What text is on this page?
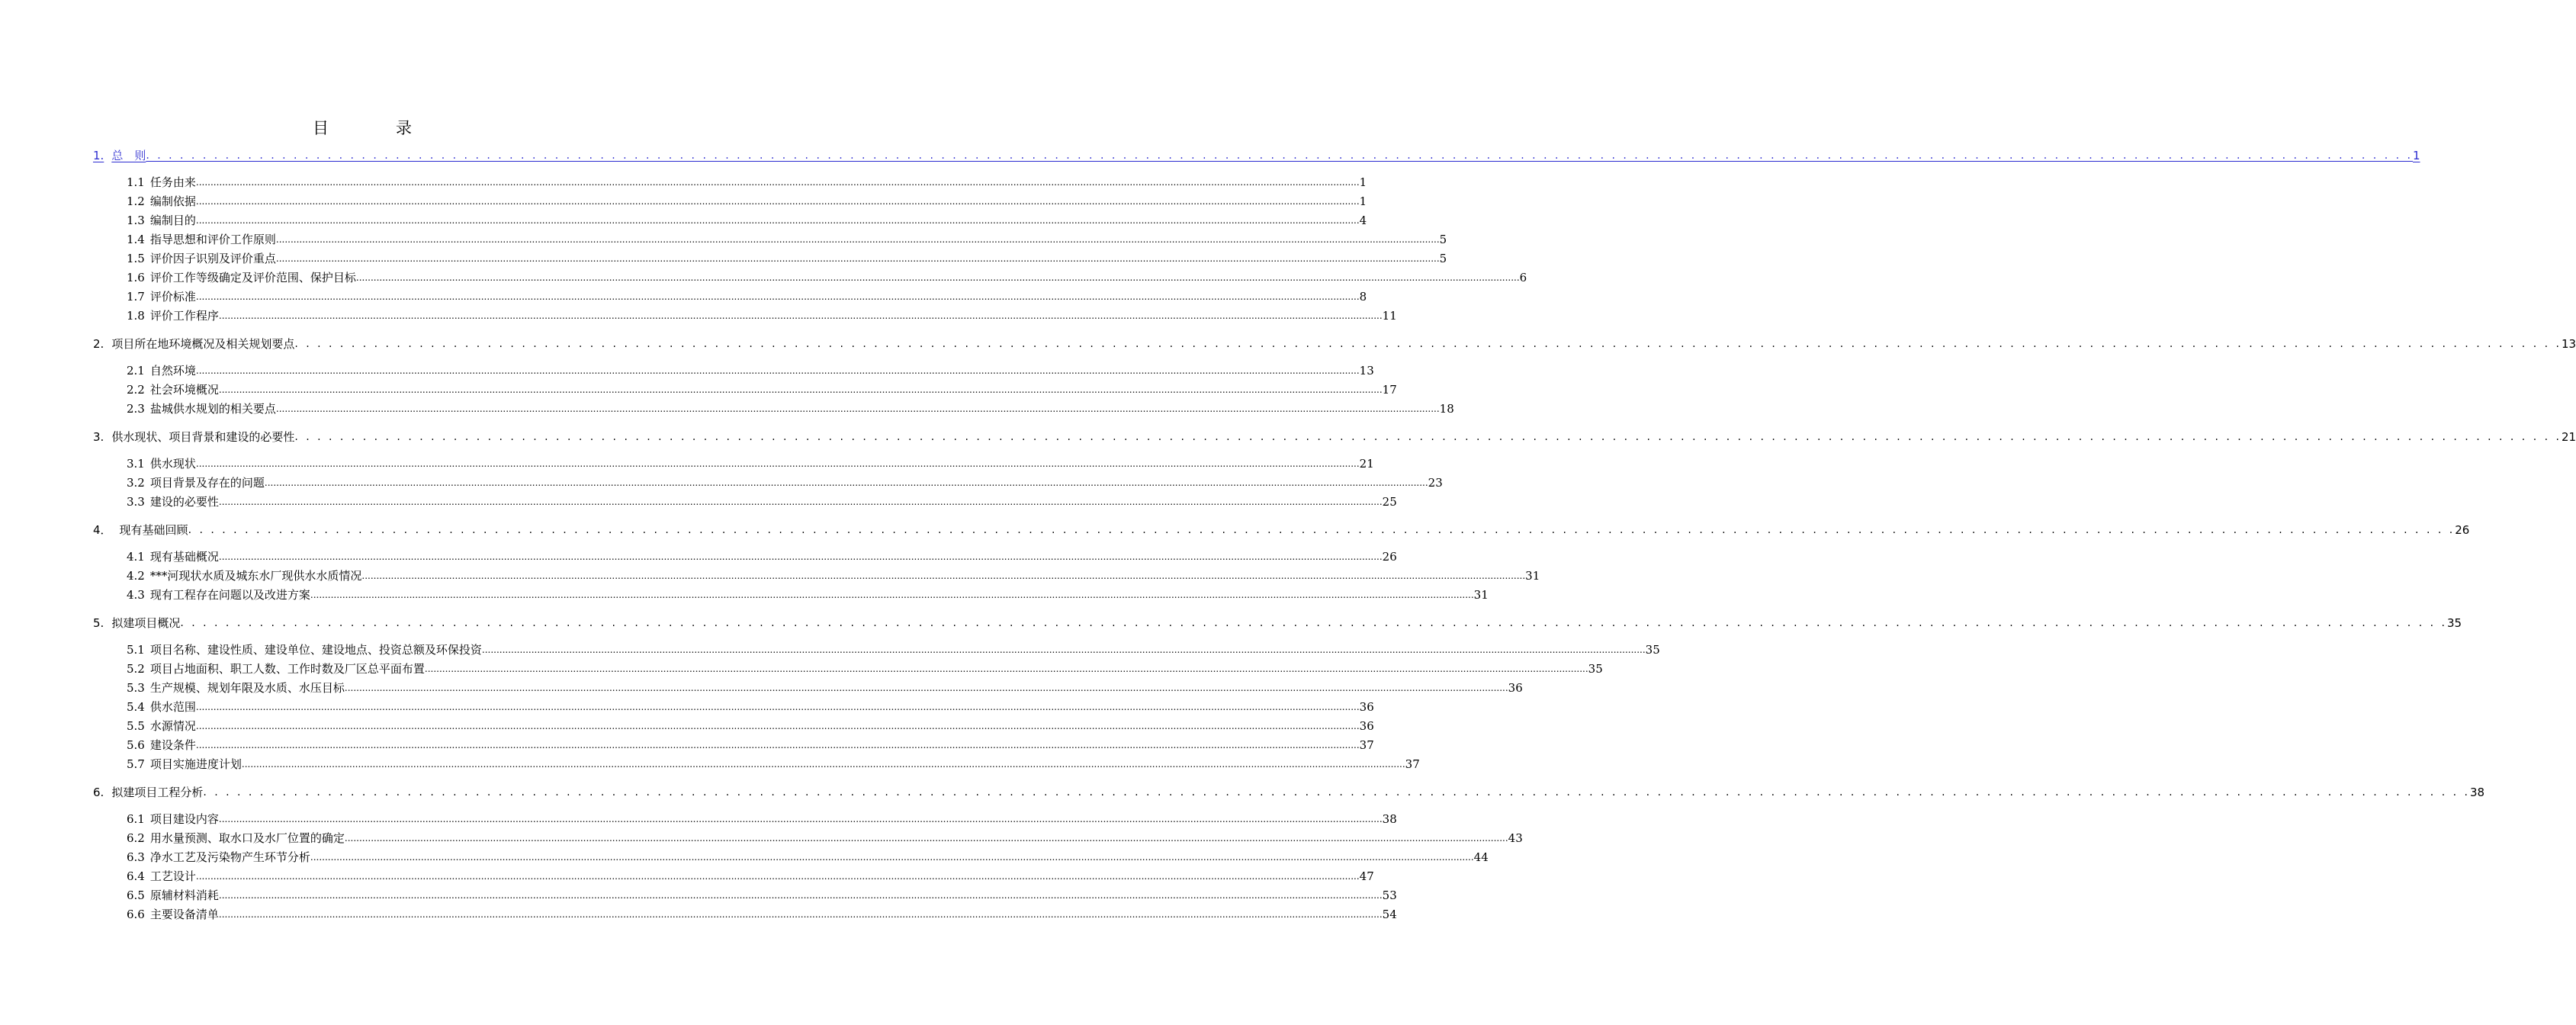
目录
1. 总　则 . . . . . . . . . . . . . . . . . . . . . . . . . . . . . . . . . . . . . . . . . . . . . . . . . . . . . . . . . . . . . . . . . . . . . . . . . . . . . . . . . . . . . . . . . . . . . . . . . . . . . . . . . . . . . . . . . . . . . . . . . . . . . . . . . . . . . . . . . . . . . . . . . . . . . . . . . . . . . . . . . . . . . . . . . . . . . . . . . . . . . . . . . . . . . . . . . . . . . . . . 1
1.1 任务由来 ................................................................................................................................................................................................................................................................................................................................................................................................................ 1
1.2 编制依据 ................................................................................................................................................................................................................................................................................................................................................................................................................ 1
1.3 编制目的 ................................................................................................................................................................................................................................................................................................................................................................................................................ 4
1.4 指导思想和评价工作原则 ................................................................................................................................................................................................................................................................................................................................................................................................................ 5
1.5 评价因子识别及评价重点 ................................................................................................................................................................................................................................................................................................................................................................................................................ 5
1.6 评价工作等级确定及评价范围、保护目标 ................................................................................................................................................................................................................................................................................................................................................................................................................ 6
1.7 评价标准 ................................................................................................................................................................................................................................................................................................................................................................................................................ 8
1.8 评价工作程序 ................................................................................................................................................................................................................................................................................................................................................................................................................ 11
2. 项目所在地环境概况及相关规划要点 . . . . . . . . . . . . . . . . . . . . . . . . . . . . . . . . . . . . . . . . . . . . . . . . . . . . . . . . . . . . . . . . . . . . . . . . . . . . . . . . . . . . . . . . . . . . . . . . . . . . . . . . . . . . . . . . . . . . . . . . . . . . . . . . . . . . . . . . . . . . . . . . . . . . . . . . . . . . . . . . . . . . . . . . . . . . . . . . . . . . . . . . . . . . . . . . . . . . . . . . 13
2.1 自然环境 ................................................................................................................................................................................................................................................................................................................................................................................................................ 13
2.2 社会环境概况 ................................................................................................................................................................................................................................................................................................................................................................................................................ 17
2.3 盐城供水规划的相关要点 ................................................................................................................................................................................................................................................................................................................................................................................................................ 18
3. 供水现状、项目背景和建设的必要性 . . . . . . . . . . . . . . . . . . . . . . . . . . . . . . . . . . . . . . . . . . . . . . . . . . . . . . . . . . . . . . . . . . . . . . . . . . . . . . . . . . . . . . . . . . . . . . . . . . . . . . . . . . . . . . . . . . . . . . . . . . . . . . . . . . . . . . . . . . . . . . . . . . . . . . . . . . . . . . . . . . . . . . . . . . . . . . . . . . . . . . . . . . . . . . . . . . . . . . . . 21
3.1 供水现状 ................................................................................................................................................................................................................................................................................................................................................................................................................ 21
3.2 项目背景及存在的问题 ................................................................................................................................................................................................................................................................................................................................................................................................................ 23
3.3 建设的必要性 ................................................................................................................................................................................................................................................................................................................................................................................................................ 25
4． 现有基础回顾 . . . . . . . . . . . . . . . . . . . . . . . . . . . . . . . . . . . . . . . . . . . . . . . . . . . . . . . . . . . . . . . . . . . . . . . . . . . . . . . . . . . . . . . . . . . . . . . . . . . . . . . . . . . . . . . . . . . . . . . . . . . . . . . . . . . . . . . . . . . . . . . . . . . . . . . . . . . . . . . . . . . . . . . . . . . . . . . . . . . . . . . . . . . . . . . . . . . . . . . . 26
4.1 现有基础概况 ................................................................................................................................................................................................................................................................................................................................................................................................................ 26
4.2 ***河现状水质及城东水厂现供水水质情况 ................................................................................................................................................................................................................................................................................................................................................................................................................ 31
4.3 现有工程存在问题以及改进方案 ................................................................................................................................................................................................................................................................................................................................................................................................................ 31
5. 拟建项目概况 . . . . . . . . . . . . . . . . . . . . . . . . . . . . . . . . . . . . . . . . . . . . . . . . . . . . . . . . . . . . . . . . . . . . . . . . . . . . . . . . . . . . . . . . . . . . . . . . . . . . . . . . . . . . . . . . . . . . . . . . . . . . . . . . . . . . . . . . . . . . . . . . . . . . . . . . . . . . . . . . . . . . . . . . . . . . . . . . . . . . . . . . . . . . . . . . . . . . . . . . 35
5.1 项目名称、建设性质、建设单位、建设地点、投资总额及环保投资 ................................................................................................................................................................................................................................................................................................................................................................................................................ 35
5.2 项目占地面积、职工人数、工作时数及厂区总平面布置 ................................................................................................................................................................................................................................................................................................................................................................................................................ 35
5.3 生产规模、规划年限及水质、水压目标 ................................................................................................................................................................................................................................................................................................................................................................................................................ 36
5.4 供水范围 ................................................................................................................................................................................................................................................................................................................................................................................................................ 36
5.5 水源情况 ................................................................................................................................................................................................................................................................................................................................................................................................................ 36
5.6 建设条件 ................................................................................................................................................................................................................................................................................................................................................................................................................ 37
5.7 项目实施进度计划 ................................................................................................................................................................................................................................................................................................................................................................................................................ 37
6. 拟建项目工程分析 . . . . . . . . . . . . . . . . . . . . . . . . . . . . . . . . . . . . . . . . . . . . . . . . . . . . . . . . . . . . . . . . . . . . . . . . . . . . . . . . . . . . . . . . . . . . . . . . . . . . . . . . . . . . . . . . . . . . . . . . . . . . . . . . . . . . . . . . . . . . . . . . . . . . . . . . . . . . . . . . . . . . . . . . . . . . . . . . . . . . . . . . . . . . . . . . . . . . . . . . 38
6.1 项目建设内容 ................................................................................................................................................................................................................................................................................................................................................................................................................ 38
6.2 用水量预测、取水口及水厂位置的确定 ................................................................................................................................................................................................................................................................................................................................................................................................................ 43
6.3 净水工艺及污染物产生环节分析 ................................................................................................................................................................................................................................................................................................................................................................................................................ 44
6.4 工艺设计 ................................................................................................................................................................................................................................................................................................................................................................................................................ 47
6.5 原辅材料消耗 ................................................................................................................................................................................................................................................................................................................................................................................................................ 53
6.6 主要设备清单 ................................................................................................................................................................................................................................................................................................................................................................................................................ 54
